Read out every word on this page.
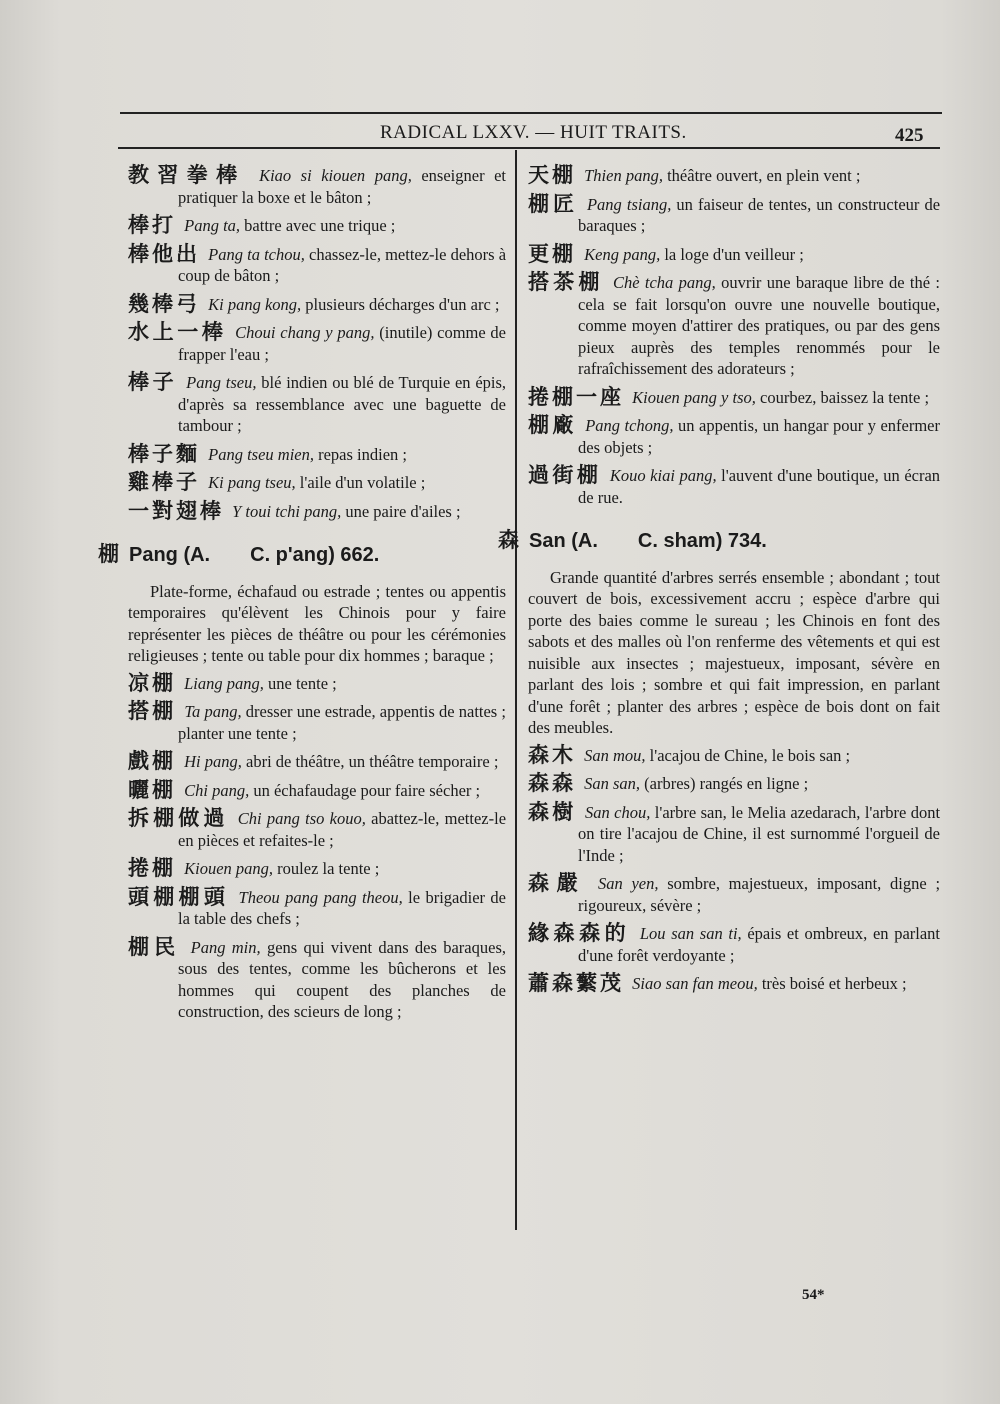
RADICAL LXXV. — HUIT TRAITS.	425
教習拳棒 Kiao si kiouen pang, enseigner et pratiquer la boxe et le bâton ;
棒打 Pang ta, battre avec une trique ;
棒他出 Pang ta tchou, chassez-le, mettez-le dehors à coup de bâton ;
幾棒弓 Ki pang kong, plusieurs décharges d'un arc ;
水上一棒 Choui chang y pang, (inutile) comme de frapper l'eau ;
棒子 Pang tseu, blé indien ou blé de Turquie en épis, d'après sa ressemblance avec une baguette de tambour ;
棒子麵 Pang tseu mien, repas indien ;
雞棒子 Ki pang tseu, l'aile d'un volatile ;
一對翅棒 Y toui tchi pang, une paire d'ailes ;
棚 Pang (A. C. p'ang) 662.
Plate-forme, échafaud ou estrade ; tentes ou appentis temporaires qu'élèvent les Chinois pour y faire représenter les pièces de théâtre ou pour les cérémonies religieuses ; tente ou table pour dix hommes ; baraque ;
凉棚 Liang pang, une tente ;
搭棚 Ta pang, dresser une estrade, appentis de nattes ; planter une tente ;
戲棚 Hi pang, abri de théâtre, un théâtre temporaire ;
曬棚 Chi pang, un échafaudage pour faire sécher ;
拆棚做過 Chi pang tso kouo, abattez-le, mettez-le en pièces et refaites-le ;
捲棚 Kiouen pang, roulez la tente ;
頭棚棚頭 Theou pang pang theou, le brigadier de la table des chefs ;
棚民 Pang min, gens qui vivent dans des baraques, sous des tentes, comme les bûcherons et les hommes qui coupent des planches de construction, des scieurs de long ;
天棚 Thien pang, théâtre ouvert, en plein vent ;
棚匠 Pang tsiang, un faiseur de tentes, un constructeur de baraques ;
更棚 Keng pang, la loge d'un veilleur ;
搭茶棚 Chè tcha pang, ouvrir une baraque libre de thé : cela se fait lorsqu'on ouvre une nouvelle boutique, comme moyen d'attirer des pratiques, ou par des gens pieux auprès des temples renommés pour le rafraîchissement des adorateurs ;
捲棚一座 Kiouen pang y tso, courbez, baissez la tente ;
棚廠 Pang tchong, un appentis, un hangar pour y enfermer des objets ;
過街棚 Kouo kiai pang, l'auvent d'une boutique, un écran de rue.
森 San (A. C. sham) 734.
Grande quantité d'arbres serrés ensemble ; abondant ; tout couvert de bois, excessivement accru ; espèce d'arbre qui porte des baies comme le sureau ; les Chinois en font des sabots et des malles où l'on renferme des vêtements et qui est nuisible aux insectes ; majestueux, imposant, sévère en parlant des lois ; sombre et qui fait impression, en parlant d'une forêt ; planter des arbres ; espèce de bois dont on fait des meubles.
森木 San mou, l'acajou de Chine, le bois san ;
森森 San san, (arbres) rangés en ligne ;
森樹 San chou, l'arbre san, le Melia azedarach, l'arbre dont on tire l'acajou de Chine, il est surnommé l'orgueil de l'Inde ;
森嚴 San yen, sombre, majestueux, imposant, digne ; rigoureux, sévère ;
緣森森的 Lou san san ti, épais et ombreux, en parlant d'une forêt verdoyante ;
蕭森蘩茂 Siao san fan meou, très boisé et herbeux ;
54*
